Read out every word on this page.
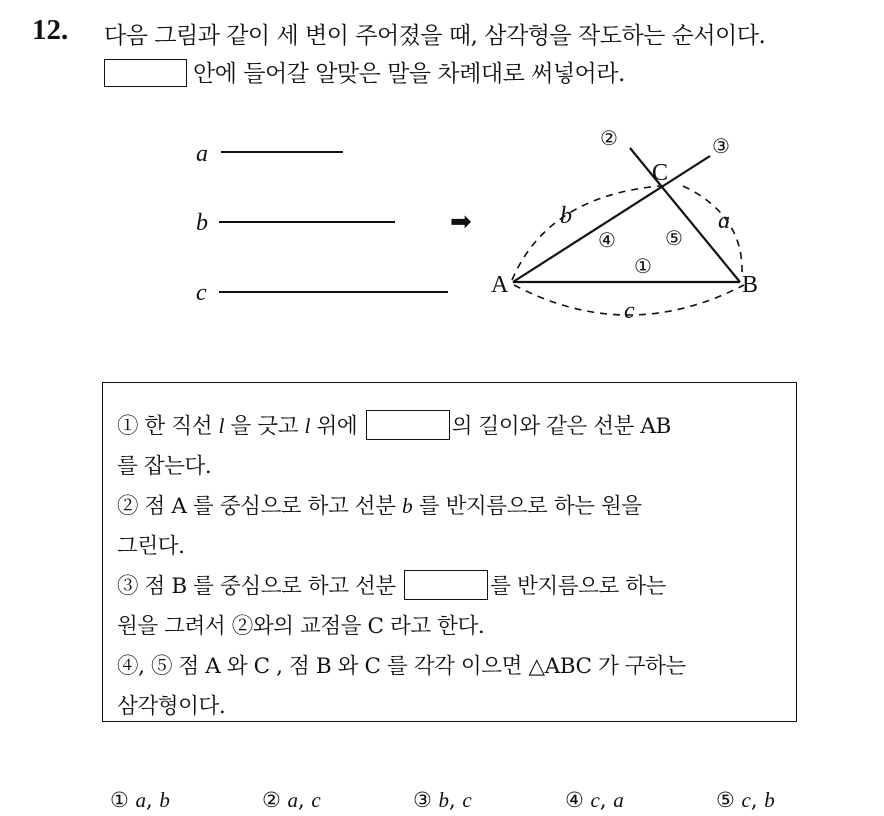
12. 다음 그림과 같이 세 변이 주어졌을 때, 삼각형을 작도하는 순서이다.
안에 들어갈 알맞은 말을 차례대로 써넣어라.
a
b
c
➡
A	B
C
b	a
c
②	③
④ ⑤
①
① 한 직선 l 을 긋고 l 위에	의 길이와 같은 선분 AB
를 잡는다.
② 점 A 를 중심으로 하고 선분 b 를 반지름으로 하는 원을
그린다.
③ 점 B 를 중심으로 하고 선분	를 반지름으로 하는
원을 그려서 ②와의 교점을 C 라고 한다.
④, ⑤ 점 A 와 C , 점 B 와 C 를 각각 이으면 △ABC 가 구하는
삼각형이다.
① a, b	② a, c	③ b, c	④ c, a	⑤ c, b
